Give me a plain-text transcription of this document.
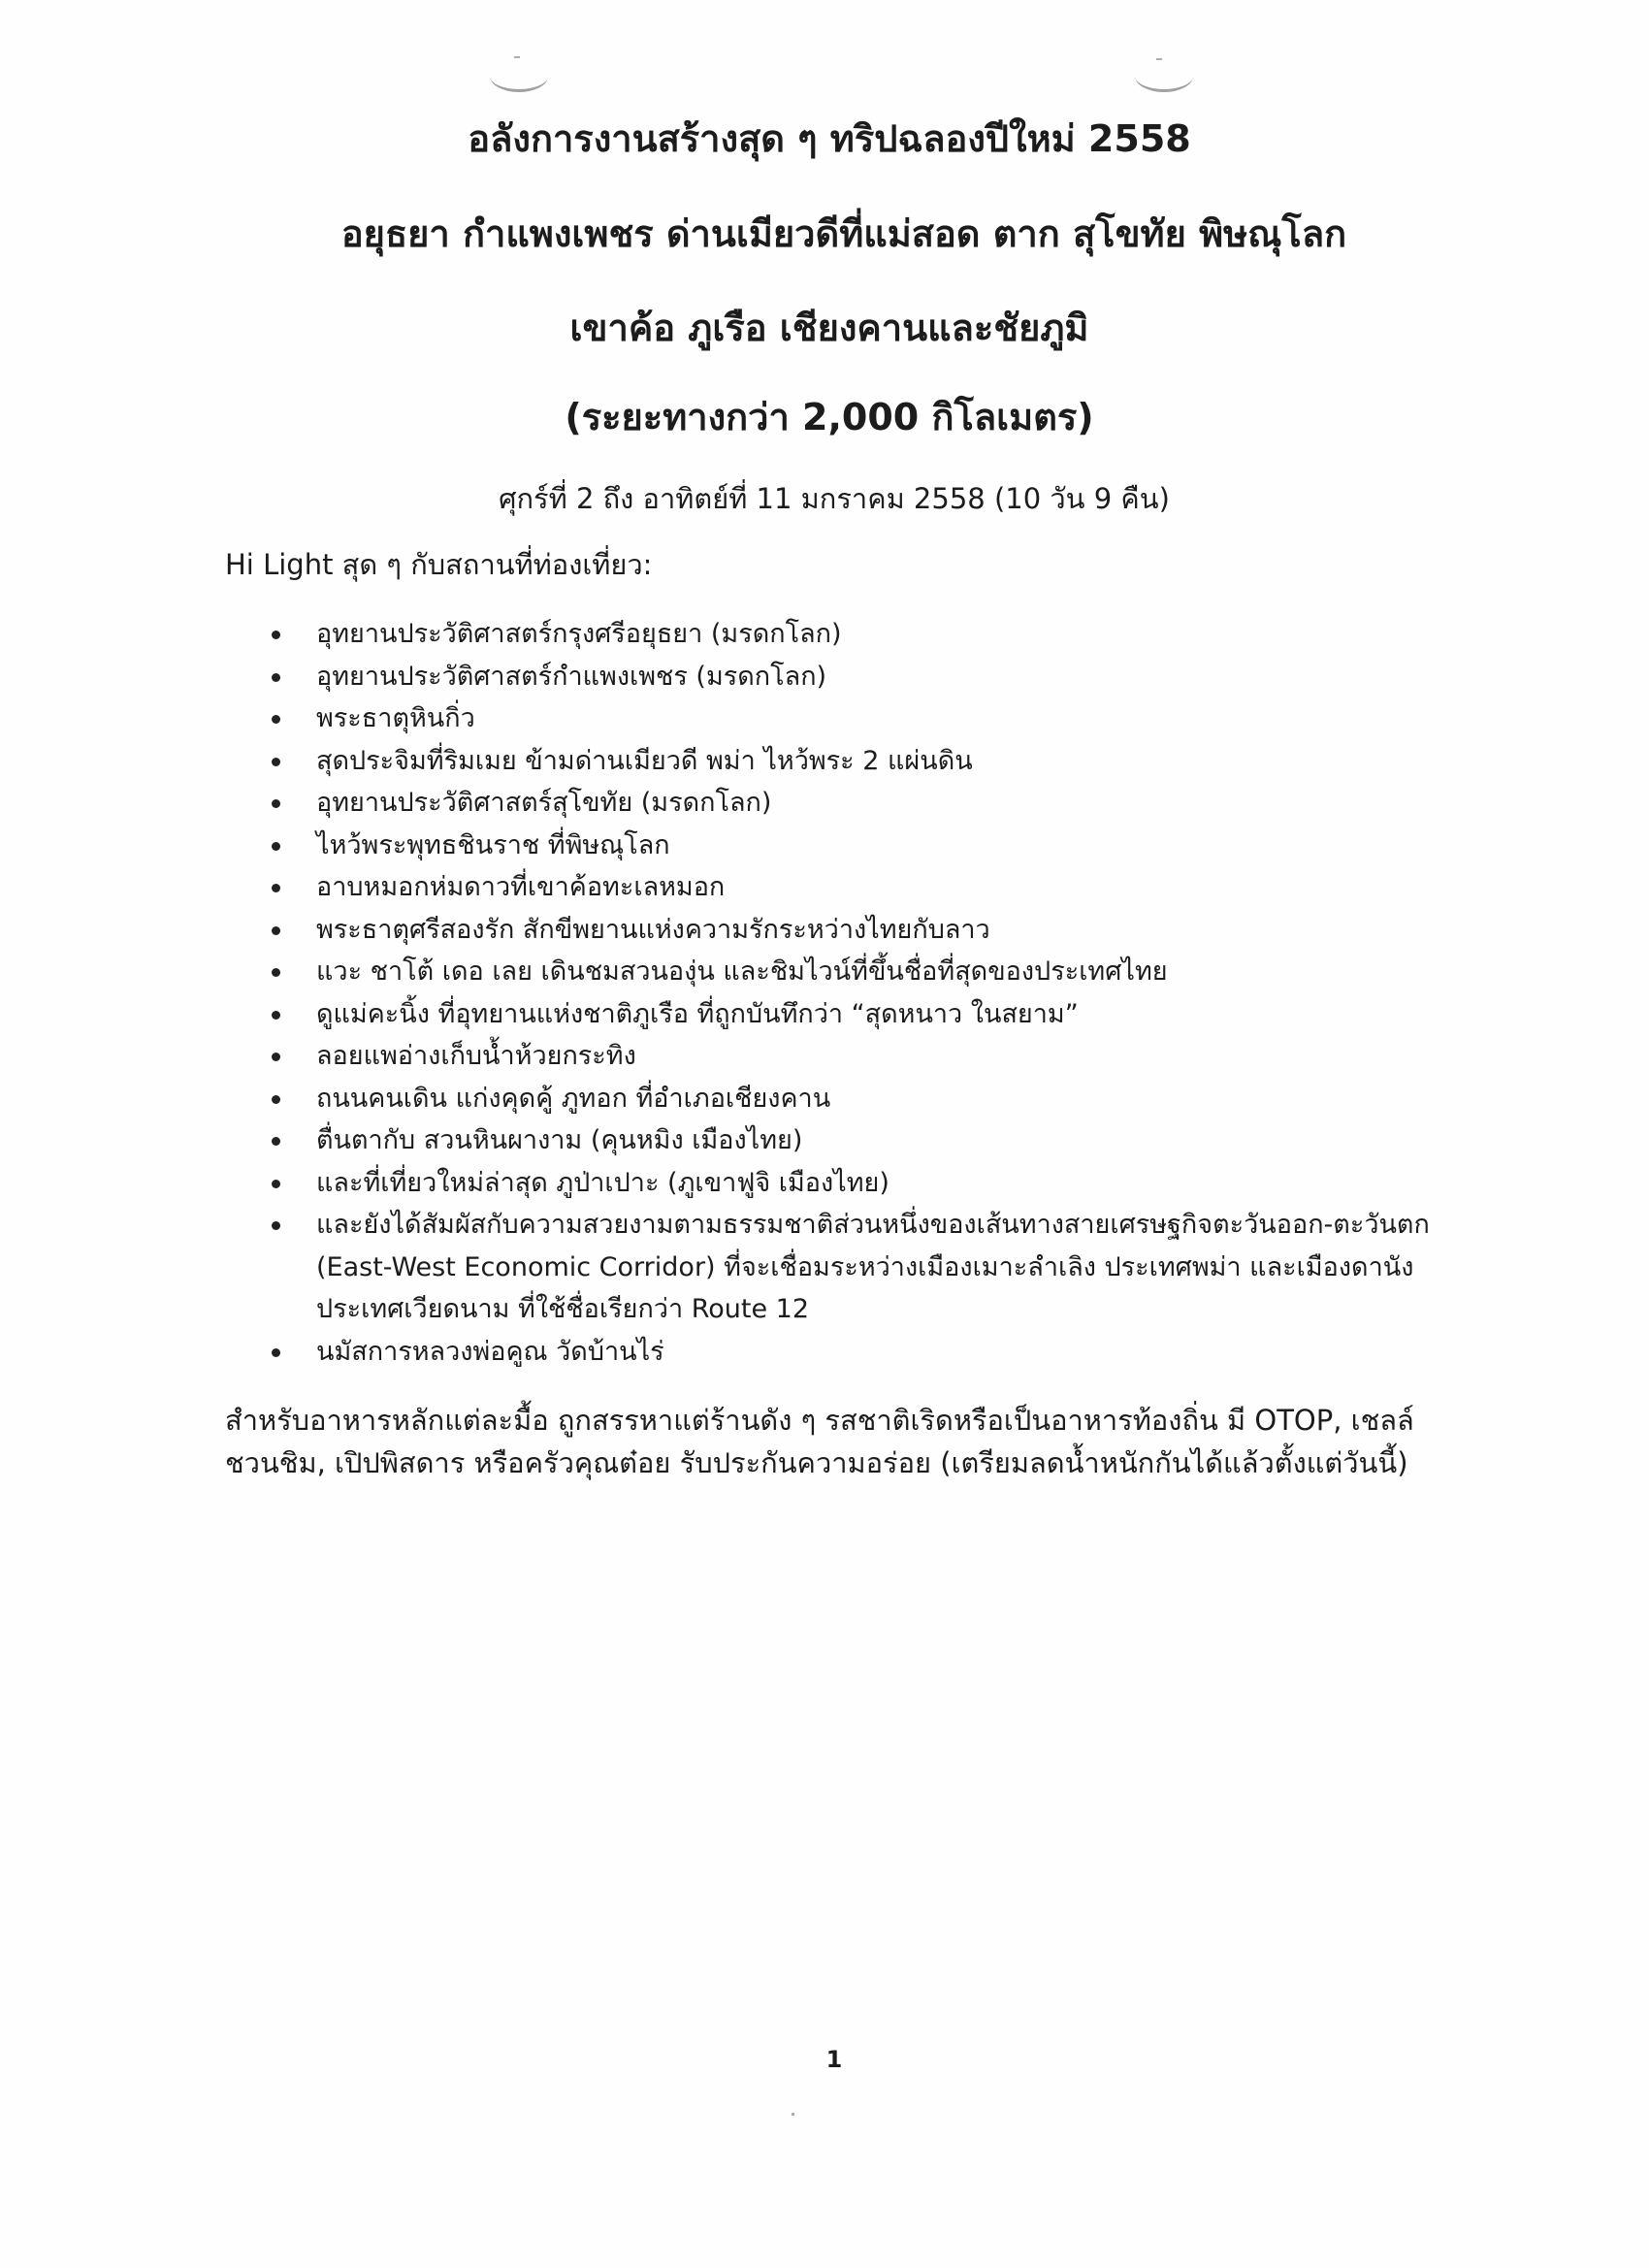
อลังการงานสร้างสุด ๆ ทริปฉลองปีใหม่ 2558
อยุธยา กำแพงเพชร ด่านเมียวดีที่แม่สอด ตาก สุโขทัย พิษณุโลก
เขาค้อ ภูเรือ เชียงคานและชัยภูมิ
(ระยะทางกว่า 2,000 กิโลเมตร)
ศุกร์ที่ 2 ถึง อาทิตย์ที่ 11 มกราคม 2558 (10 วัน 9 คืน)
Hi Light สุด ๆ กับสถานที่ท่องเที่ยว:
อุทยานประวัติศาสตร์กรุงศรีอยุธยา (มรดกโลก)
อุทยานประวัติศาสตร์กำแพงเพชร (มรดกโลก)
พระธาตุหินกิ่ว
สุดประจิมที่ริมเมย ข้ามด่านเมียวดี พม่า ไหว้พระ 2 แผ่นดิน
อุทยานประวัติศาสตร์สุโขทัย (มรดกโลก)
ไหว้พระพุทธชินราช ที่พิษณุโลก
อาบหมอกห่มดาวที่เขาค้อทะเลหมอก
พระธาตุศรีสองรัก สักขีพยานแห่งความรักระหว่างไทยกับลาว
แวะ ชาโต้ เดอ เลย เดินชมสวนองุ่น และชิมไวน์ที่ขึ้นชื่อที่สุดของประเทศไทย
ดูแม่คะนิ้ง ที่อุทยานแห่งชาติภูเรือ ที่ถูกบันทึกว่า “สุดหนาว ในสยาม”
ลอยแพอ่างเก็บน้ำห้วยกระทิง
ถนนคนเดิน แก่งคุดคู้ ภูทอก ที่อำเภอเชียงคาน
ตื่นตากับ สวนหินผางาม (คุนหมิง เมืองไทย)
และที่เที่ยวใหม่ล่าสุด ภูป่าเปาะ (ภูเขาฟูจิ เมืองไทย)
และยังได้สัมผัสกับความสวยงามตามธรรมชาติส่วนหนึ่งของเส้นทางสายเศรษฐกิจตะวันออก-ตะวันตก (East-West Economic Corridor) ที่จะเชื่อมระหว่างเมืองเมาะลำเลิง ประเทศพม่า และเมืองดานัง ประเทศเวียดนาม ที่ใช้ชื่อเรียกว่า Route 12
นมัสการหลวงพ่อคูณ วัดบ้านไร่

สำหรับอาหารหลักแต่ละมื้อ ถูกสรรหาแต่ร้านดัง ๆ รสชาติเริดหรือเป็นอาหารท้องถิ่น มี OTOP, เชลล์ชวนชิม, เปิปพิสดาร หรือครัวคุณต๋อย รับประกันความอร่อย (เตรียมลดน้ำหนักกันได้แล้วตั้งแต่วันนี้)

1
